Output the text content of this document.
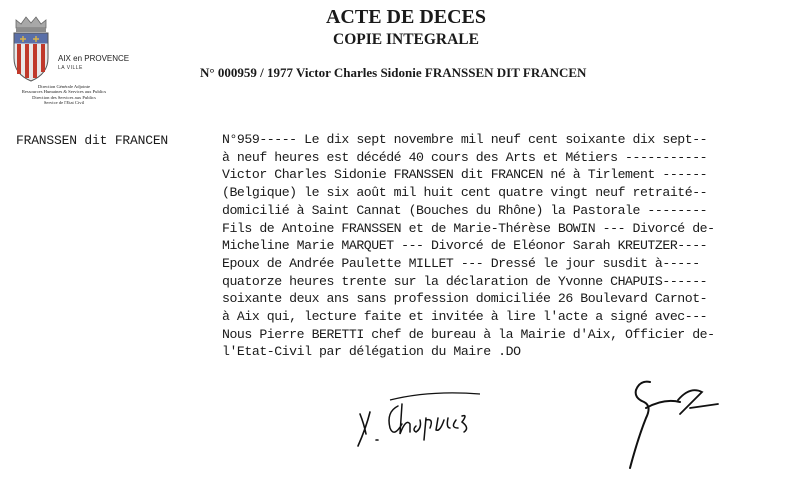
AIX en PROVENCE
LA VILLE
Direction Générale Adjointe
Ressources Humaines & Services aux Publics
Direction des Services aux Publics
Service de l'Etat Civil
ACTE DE DECES
COPIE INTEGRALE
N° 000959 / 1977 Victor Charles Sidonie FRANSSEN DIT FRANCEN
FRANSSEN dit FRANCEN	N°959----- Le dix sept novembre mil neuf cent soixante dix sept--
à neuf heures est décédé 40 cours des Arts et Métiers -----------
Victor Charles Sidonie FRANSSEN dit FRANCEN né à Tirlement ------
(Belgique) le six août mil huit cent quatre vingt neuf retraité--
domicilié à Saint Cannat (Bouches du Rhône) la Pastorale --------
Fils de Antoine FRANSSEN et de Marie-Thérèse BOWIN --- Divorcé de-
Micheline Marie MARQUET --- Divorcé de Eléonor Sarah KREUTZER----
Epoux de Andrée Paulette MILLET --- Dressé le jour susdit à-----
quatorze heures trente sur la déclaration de Yvonne CHAPUIS------
soixante deux ans sans profession domiciliée 26 Boulevard Carnot-
à Aix qui, lecture faite et invitée à lire l'acte a signé avec---
Nous Pierre BERETTI chef de bureau à la Mairie d'Aix, Officier de-
l'Etat-Civil par délégation du Maire .DO
